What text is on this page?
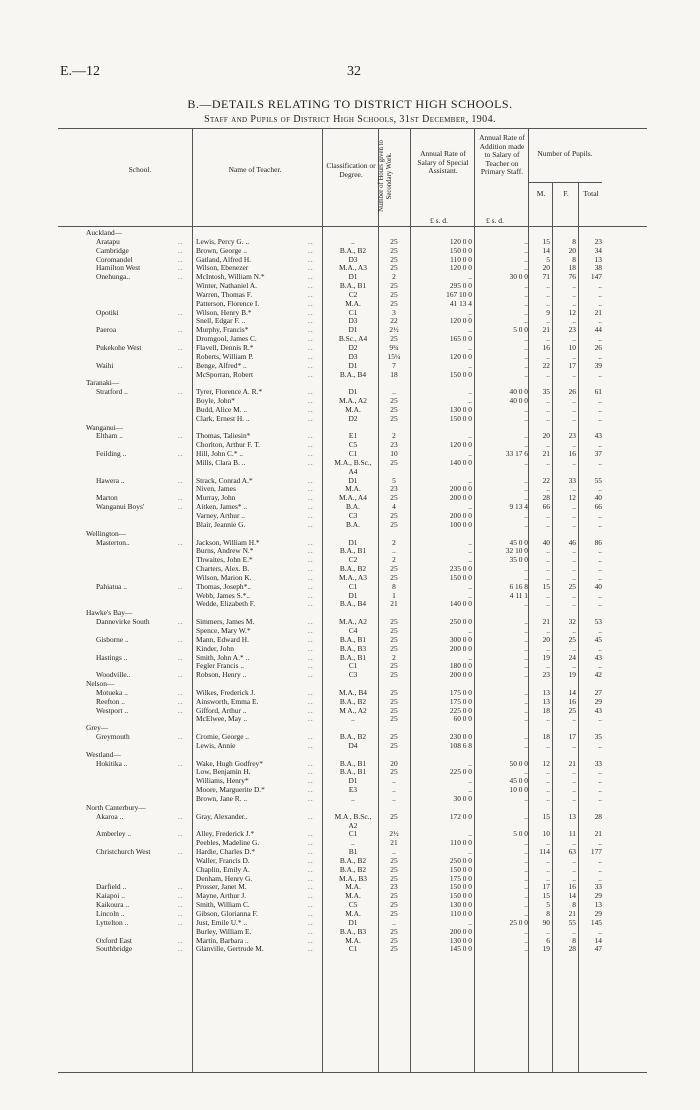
E.—12	32
B.—DETAILS RELATING TO DISTRICT HIGH SCHOOLS.
Staff and Pupils of District High Schools, 31st December, 1904.
School.	Name of Teacher.	Classification or Degree.	Number of Hours given to Secondary Work.	Annual Rate of Salary of Special Assistant.
Annual Rate of Addition made to Salary of Teacher on Primary Staff.
Number of Pupils.
M.	F.	Total
£ s. d.	£ s. d.
Auckland—
Aratapu	Lewis, Percy G. ..	..	25	120 0 0	..	15	8	23
..	..
Cambridge	Brown, George ..	B.A., B2	25	150 0 0	..	14	20	34
..	..
Coromandel	Gatland, Alfred H.	D3	25	110 0 0	..	5	8	13
..	..
Hamilton West	Wilson, Ebenezer	M.A., A3	25	120 0 0	..	20	18	38
..	..
Onehunga..	McIntosh, William N.*	D1	2	..	30 0 0	71	76	147
..	..
Winter, Nathaniel A.	B.A., B1	25	295 0 0	..	..	..	..
..
Warren, Thomas F.	C2	25	167 10 0	..	..	..	..
..
Patterson, Florence I.	M.A.	25	41 13 4	..	..	..	..
..
Opotiki	Wilson, Henry B.*	C1	3	..	..	9	12	21
..	..
Snell, Edgar F. ..	D3	22	120 0 0	..	..	..	..
..
Paeroa	Murphy, Francis*	D1	2½	..	5 0 0	21	23	44
..	..
Dromgool, James C.	B.Sc., A4	25	165 0 0	..	..	..	..
..
Pukekohe West	Flavell, Dennis R.*	D2	9¾	..	..	16	10	26
..	..
Roberts, William P.	D3	15¼	120 0 0	..	..	..	..
..
Waihi	Benge, Alfred* ..	D1	7	..	..	22	17	39
..	..
McSporran, Robert	B.A., B4	18	150 0 0	..	..	..	..
..
Taranaki—
Stratford ..	Tyrer, Florence A. R.*	D1	..	..	40 0 0	35	26	61
..	..
Boyle, John*	M.A., A2	25	..	40 0 0	..	..	..
..
Budd, Alice M. ..	M.A.	25	130 0 0	..	..	..	..
..
Clark, Ernest H. ..	D2	25	150 0 0	..	..	..	..
..
Wanganui—
Eltham ..	Thomas, Taliesin*	E1	2	..	..	20	23	43
..	..
Chorlton, Arthur F. T.	C5	23	120 0 0	..	..	..	..
..
Feilding ..	Hill, John C.* ..	C1	10	..	33 17 6	21	16	37
..	..
Mills, Clara B. ..	M.A., B.Sc.,	25	140 0 0	..	..	..	..
..
A4
Hawera ..	Strack, Conrad A.*	D1	5	..	..	22	33	55
..	..
Niven, James	M.A.	23	200 0 0	..	..	..	..
..
Marton	Murray, John	M.A., A4	25	200 0 0	..	28	12	40
..	..
Wanganui Boys'	Aitken, James* ..	B.A.	4	..	9 13 4	66	..	66
..	..
Varney, Arthur ..	C3	25	200 0 0	..	..	..	..
..
Blair, Jeannie G.	B.A.	25	100 0 0	..	..	..	..
..
Wellington—
Masterton..	Jackson, William H.*	D1	2	..	45 0 0	40	46	86
..	..
Burns, Andrew N.*	B.A., B1	..	..	32 10 0	..	..	..
..
Thwaites, John E.*	C2	2	..	35 0 0	..	..	..
..
Charters, Alex. B.	B.A., B2	25	235 0 0	..	..	..	..
..
Wilson, Marion K.	M.A., A3	25	150 0 0	..	..	..	..
..
Pahiatua ..	Thomas, Joseph*..	C1	8	..	6 16 8	15	25	40
..	..
Webb, James S.*..	D1	1	..	4 11 1	..	..	..
..
Wedde, Elizabeth F.	B.A., B4	21	140 0 0	..	..	..	..
..
Hawke's Bay—
Dannevirke South	Simmers, James M.	M.A., A2	25	250 0 0	..	21	32	53
..	..
Spence, Mary W.*	C4	25	..	..	..	..	..
..
Gisborne ..	Mann, Edward H.	B.A., B1	25	300 0 0	..	20	25	45
..	..
Kinder, John	B.A., B3	25	200 0 0	..	..	..	..
..
Hastings ..	Smith, John A.* ..	B.A., B1	2	..	..	19	24	43
..	..
Fegler Francis ..	C1	25	180 0 0	..	..	..	..
..
Woodville..	Robson, Henry ..	C3	25	200 0 0	..	23	19	42
..	..
Nelson—
Motueka ..	Wilkes, Frederick J.	M.A., B4	25	175 0 0	..	13	14	27
..	..
Reefton ..	Ainsworth, Emma E.	B.A., B2	25	175 0 0	..	13	16	29
..	..
Westport ..	Gifford, Arthur ..	M A., A2	25	225 0 0	..	18	25	43
..	..
McElwee, May ..	..	25	60 0 0	..	..	..	..
..
Grey—
Greymouth	Cromie, George ..	B.A., B2	25	230 0 0	..	18	17	35
..	..
Lewis, Annie	D4	25	108 6 8	..	..	..	..
..
Westland—
Hokitika ..	Wake, Hugh Godfrey*	B.A., B1	20	..	50 0 0	12	21	33
..	..
Low, Benjamin H.	B.A., B1	25	225 0 0	..	..	..	..
..
Williams, Henry*	D1	..	..	45 0 0	..	..	..
..
Moore, Marguerite D.*	E3	..	..	10 0 0	..	..	..
..
Brown, Jane R. ..	..	..	30 0 0	..	..	..	..
..
North Canterbury—
Akaroa ..	Gray, Alexander..	M.A , B.Sc.,	25	172 0 0	..	15	13	28
..	..
A2
Amberley ..	Alley, Frederick J.*	C1	2½	..	5 0 0	10	11	21
..	..
Peebles, Madeline G.	..	21	110 0 0	..	..	..	..
..
Christchurch West	Hardie, Charles D.*	B1	..	..	..	114	63	177
..	..
Waller, Francis D.	B.A., B2	25	250 0 0	..	..	..	..
..
Chaplin, Emily A.	B.A., B2	25	150 0 0	..	..	..	..
..
Denham, Henry G.	M.A., B3	25	175 0 0	..	..	..	..
..
Darfield ..	Prosser, Janet M.	M.A.	23	150 0 0	..	17	16	33
..	..
Kaiapoi ..	Mayne, Arthur J.	M.A.	25	150 0 0	..	15	14	29
..	..
Kaikoura ..	Smith, William C.	C5	25	130 0 0	..	5	8	13
..	..
Lincoln ..	Gibson, Glorianna F.	M.A.	25	110 0 0	..	8	21	29
..	..
Lyttelton ..	Just, Emile U.* ..	D1	..	..	25 0 0	90	55	145
..	..
Burley, William E.	B.A., B3	25	200 0 0	..	..	..	..
..
Oxford East	Martin, Barbara ..	M.A.	25	130 0 0	..	6	8	14
..	..
Southbridge	Glanville, Gertrude M.	C1	25	145 0 0	..	19	28	47
..	..
